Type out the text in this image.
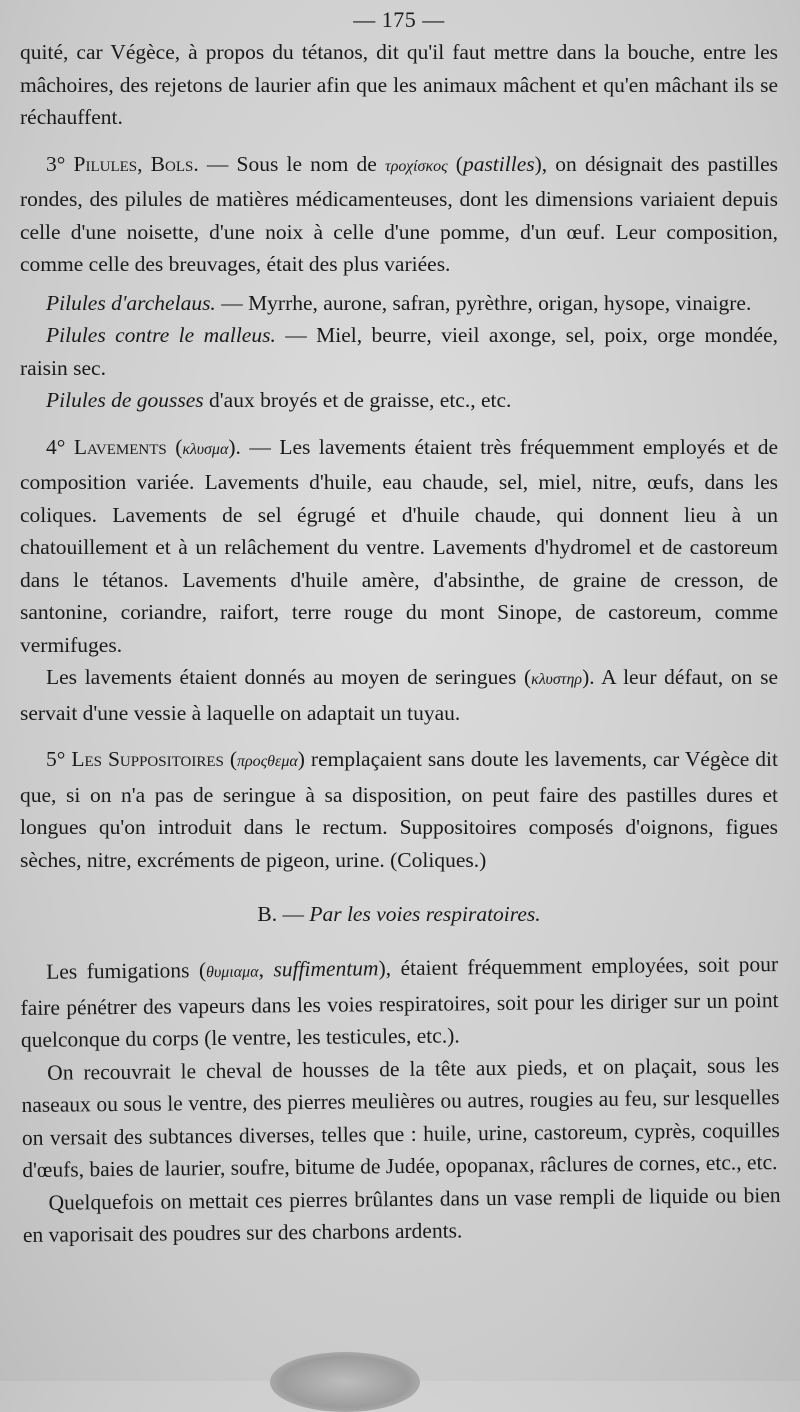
— 175 —

quité, car Végèce, à propos du tétanos, dit qu'il faut mettre dans la bouche, entre les mâchoires, des rejetons de laurier afin que les animaux mâchent et qu'en mâchant ils se réchauffent.

3° Pilules, Bols. — Sous le nom de τροχίσκος (pastilles), on désignait des pastilles rondes, des pilules de matières médicamenteuses, dont les dimensions variaient depuis celle d'une noisette, d'une noix à celle d'une pomme, d'un œuf. Leur composition, comme celle des breuvages, était des plus variées.

Pilules d'archelaus. — Myrrhe, aurone, safran, pyrèthre, origan, hysope, vinaigre.

Pilules contre le malleus. — Miel, beurre, vieil axonge, sel, poix, orge mondée, raisin sec.

Pilules de gousses d'aux broyés et de graisse, etc., etc.

4° Lavements (κλυσμα). — Les lavements étaient très fréquemment employés et de composition variée. Lavements d'huile, eau chaude, sel, miel, nitre, œufs, dans les coliques. Lavements de sel égrugé et d'huile chaude, qui donnent lieu à un chatouillement et à un relâchement du ventre. Lavements d'hydromel et de castoreum dans le tétanos. Lavements d'huile amère, d'absinthe, de graine de cresson, de santonine, coriandre, raifort, terre rouge du mont Sinope, de castoreum, comme vermifuges.

Les lavements étaient donnés au moyen de seringues (κλυστηρ). A leur défaut, on se servait d'une vessie à laquelle on adaptait un tuyau.

5° Les Suppositoires (προςθεμα) remplaçaient sans doute les lavements, car Végèce dit que, si on n'a pas de seringue à sa disposition, on peut faire des pastilles dures et longues qu'on introduit dans le rectum. Suppositoires composés d'oignons, figues sèches, nitre, excréments de pigeon, urine. (Coliques.)

B. — Par les voies respiratoires.

Les fumigations (θυμιαμα, suffimentum), étaient fréquemment employées, soit pour faire pénétrer des vapeurs dans les voies respiratoires, soit pour les diriger sur un point quelconque du corps (le ventre, les testicules, etc.).

On recouvrait le cheval de housses de la tête aux pieds, et on plaçait, sous les naseaux ou sous le ventre, des pierres meulières ou autres, rougies au feu, sur lesquelles on versait des subtances diverses, telles que : huile, urine, castoreum, cyprès, coquilles d'œufs, baies de laurier, soufre, bitume de Judée, opopanax, râclures de cornes, etc., etc.

Quelquefois on mettait ces pierres brûlantes dans un vase rempli de liquide ou bien en vaporisait des poudres sur des charbons ardents.
